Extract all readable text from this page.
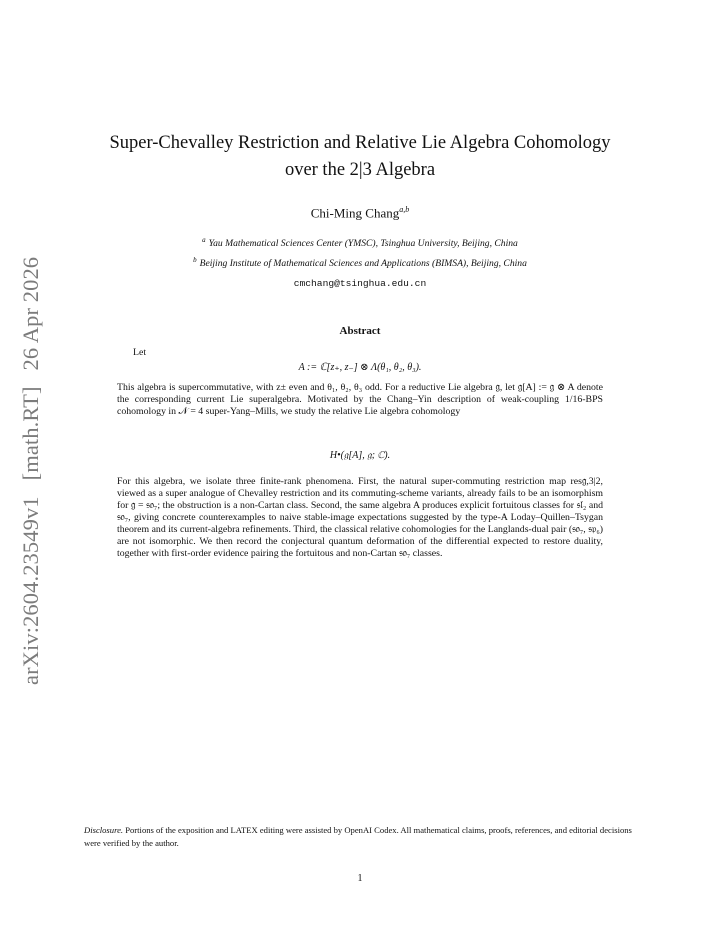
arXiv:2604.23549v1[math.RT]26 Apr 2026
Super-Chevalley Restriction and Relative Lie Algebra Cohomology
over the 2|3 Algebra
Chi-Ming Chang$^{a,b}$
$^a$ Yau Mathematical Sciences Center (YMSC), Tsinghua University, Beijing, China
$^b$ Beijing Institute of Mathematical Sciences and Applications (BIMSA), Beijing, China
cmchang@tsinghua.edu.cn
Abstract
Let
A := ℂ[z₊, z₋] ⊗ Λ(θ₁, θ₂, θ₃).
This algebra is supercommutative, with z± even and θ₁, θ₂, θ₃ odd. For a reductive Lie algebra 𝔤, let 𝔤[A] := 𝔤 ⊗ A denote the corresponding current Lie superalgebra. Motivated by the Chang–Yin description of weak-coupling 1/16-BPS cohomology in 𝒩 = 4 super-Yang–Mills, we study the relative Lie algebra cohomology
H•(𝔤[A], 𝔤; ℂ).
For this algebra, we isolate three finite-rank phenomena. First, the natural super-commuting restriction map res𝔤,3|2, viewed as a super analogue of Chevalley restriction and its commuting-scheme variants, already fails to be an isomorphism for 𝔤 = 𝔰𝔬₇; the obstruction is a non-Cartan class. Second, the same algebra A produces explicit fortuitous classes for 𝔰𝔩₂ and 𝔰𝔬₇, giving concrete counterexamples to naive stable-image expectations suggested by the type-A Loday–Quillen–Tsygan theorem and its current-algebra refinements. Third, the classical relative cohomologies for the Langlands-dual pair (𝔰𝔬₇, 𝔰𝔭₆) are not isomorphic. We then record the conjectural quantum deformation of the differential expected to restore duality, together with first-order evidence pairing the fortuitous and non-Cartan 𝔰𝔬₇ classes.
Disclosure. Portions of the exposition and LATEX editing were assisted by OpenAI Codex. All mathematical claims, proofs, references, and editorial decisions were verified by the author.
1
